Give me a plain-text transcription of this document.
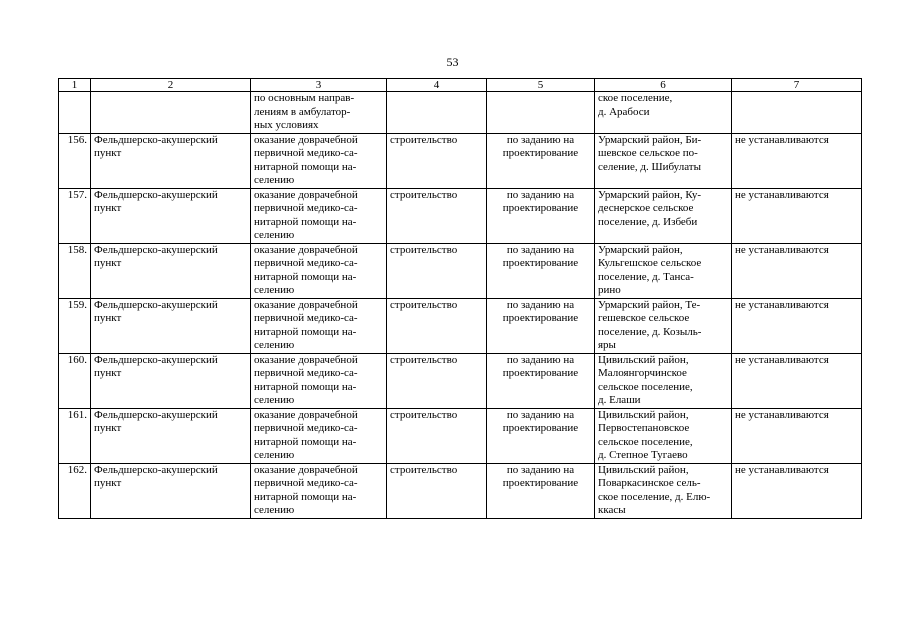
53
1	2	3	4	5	6	7
		по основным направ-
лениям в амбулатор-
ных условиях			ское поселение,
д. Арабоси	
156.	Фельдшерско-акушерский
пункт	оказание доврачебной
первичной медико-са-
нитарной помощи на-
селению	строительство	по заданию на
проектирование	Урмарский район, Би-
шевское сельское по-
селение, д. Шибулаты	не устанавливаются
157.	Фельдшерско-акушерский
пункт	оказание доврачебной
первичной медико-са-
нитарной помощи на-
селению	строительство	по заданию на
проектирование	Урмарский район, Ку-
деснерское сельское
поселение, д. Избеби	не устанавливаются
158.	Фельдшерско-акушерский
пункт	оказание доврачебной
первичной медико-са-
нитарной помощи на-
селению	строительство	по заданию на
проектирование	Урмарский район,
Кульгешское сельское
поселение, д. Тансa-
рино	не устанавливаются
159.	Фельдшерско-акушерский
пункт	оказание доврачебной
первичной медико-са-
нитарной помощи на-
селению	строительство	по заданию на
проектирование	Урмарский район, Те-
гешевское сельское
поселение, д. Козыль-
яры	не устанавливаются
160.	Фельдшерско-акушерский
пункт	оказание доврачебной
первичной медико-са-
нитарной помощи на-
селению	строительство	по заданию на
проектирование	Цивильский район,
Малоянгорчинское
сельское поселение,
д. Елаши	не устанавливаются
161.	Фельдшерско-акушерский
пункт	оказание доврачебной
первичной медико-са-
нитарной помощи на-
селению	строительство	по заданию на
проектирование	Цивильский район,
Первостепановское
сельское поселение,
д. Степное Тугаево	не устанавливаются
162.	Фельдшерско-акушерский
пункт	оказание доврачебной
первичной медико-са-
нитарной помощи на-
селению	строительство	по заданию на
проектирование	Цивильский район,
Поваркасинское сель-
ское поселение, д. Елю-
ккасы	не устанавливаются
